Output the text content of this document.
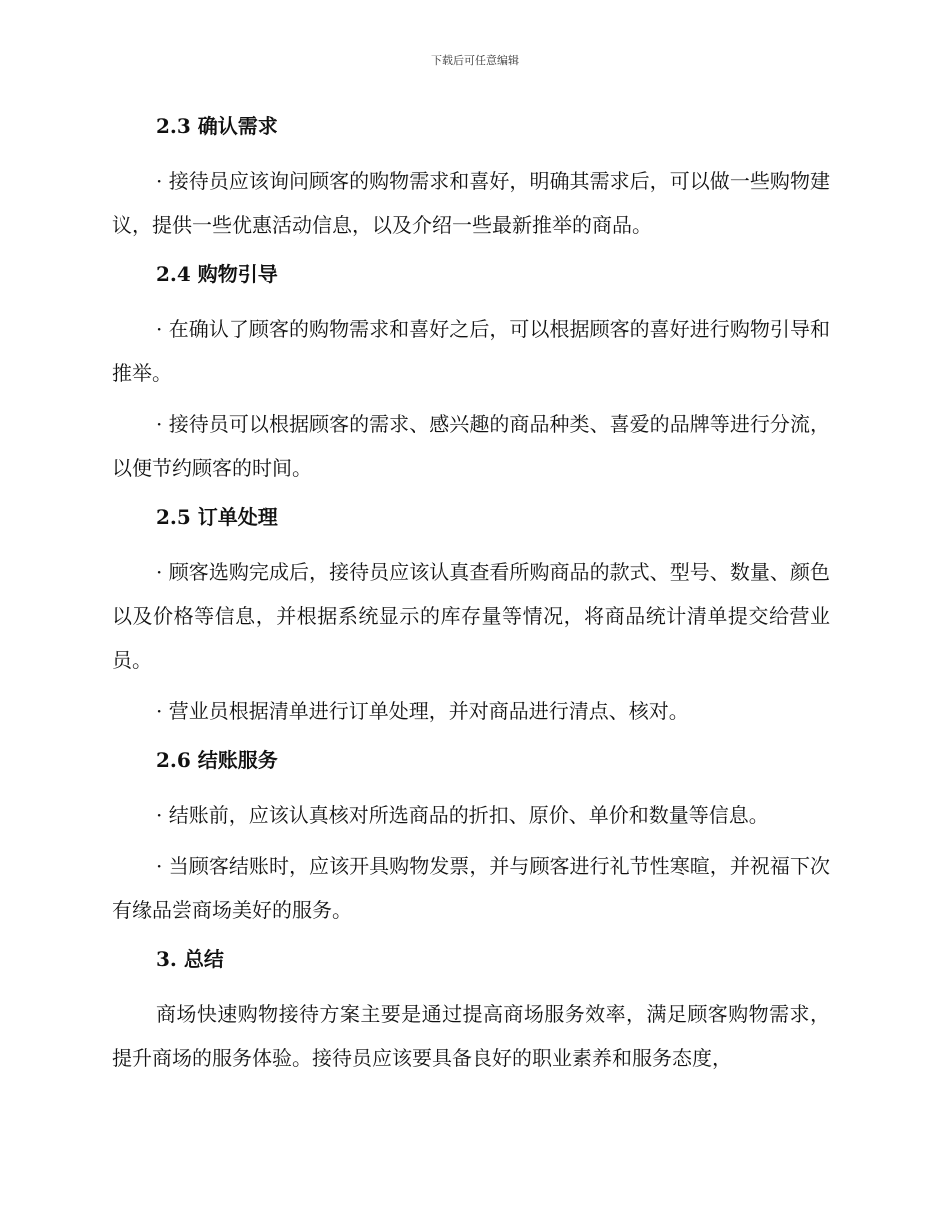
下载后可任意编辑
2.3 确认需求

· 接待员应该询问顾客的购物需求和喜好，明确其需求后，可以做一些购物建议，提供一些优惠活动信息，以及介绍一些最新推举的商品。

2.4 购物引导

· 在确认了顾客的购物需求和喜好之后，可以根据顾客的喜好进行购物引导和推举。

· 接待员可以根据顾客的需求、感兴趣的商品种类、喜爱的品牌等进行分流，以便节约顾客的时间。

2.5 订单处理

· 顾客选购完成后，接待员应该认真查看所购商品的款式、型号、数量、颜色以及价格等信息，并根据系统显示的库存量等情况，将商品统计清单提交给营业员。

· 营业员根据清单进行订单处理，并对商品进行清点、核对。

2.6 结账服务

· 结账前，应该认真核对所选商品的折扣、原价、单价和数量等信息。

· 当顾客结账时，应该开具购物发票，并与顾客进行礼节性寒暄，并祝福下次有缘品尝商场美好的服务。

3. 总结

商场快速购物接待方案主要是通过提高商场服务效率，满足顾客购物需求，提升商场的服务体验。接待员应该要具备良好的职业素养和服务态度，
